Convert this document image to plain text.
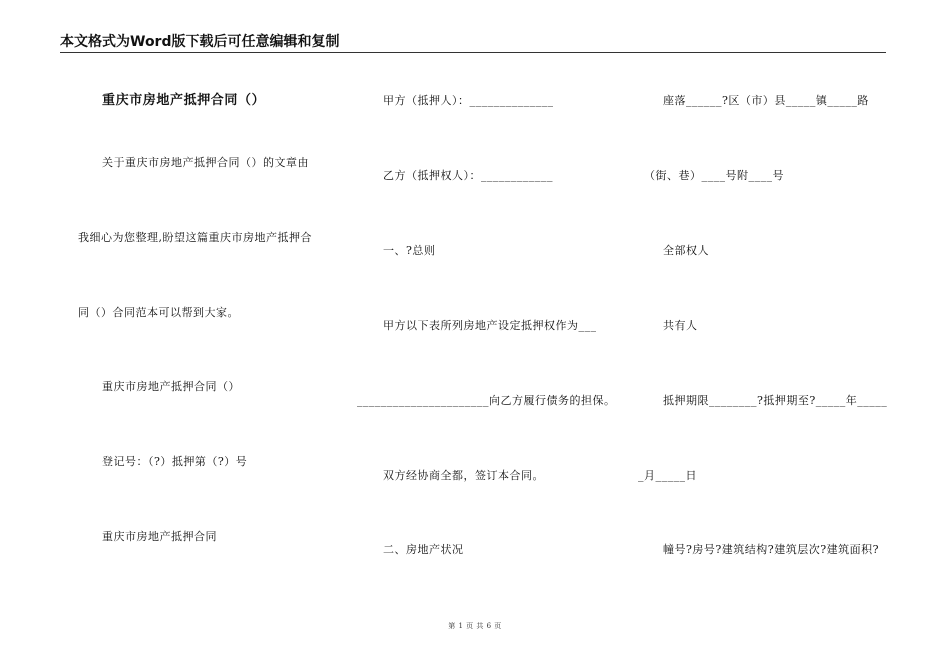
本文格式为Word版下载后可任意编辑和复制
重庆市房地产抵押合同（）
关于重庆市房地产抵押合同（）的文章由
我细心为您整理,盼望这篇重庆市房地产抵押合
同（）合同范本可以帮到大家。
重庆市房地产抵押合同（）
登记号：（?）抵押第（?）号
重庆市房地产抵押合同
甲方（抵押人）：______________
乙方（抵押权人）：____________
一、?总则
甲方以下表所列房地产设定抵押权作为___
______________________向乙方履行债务的担保。
双方经协商全都，签订本合同。
二、房地产状况
座落______?区（市）县_____镇_____路
（街、巷）____号附____号
全部权人
共有人
抵押期限________?抵押期至?_____年_____
_月_____日
幢号?房号?建筑结构?建筑层次?建筑面积?
第 1 页 共 6 页
